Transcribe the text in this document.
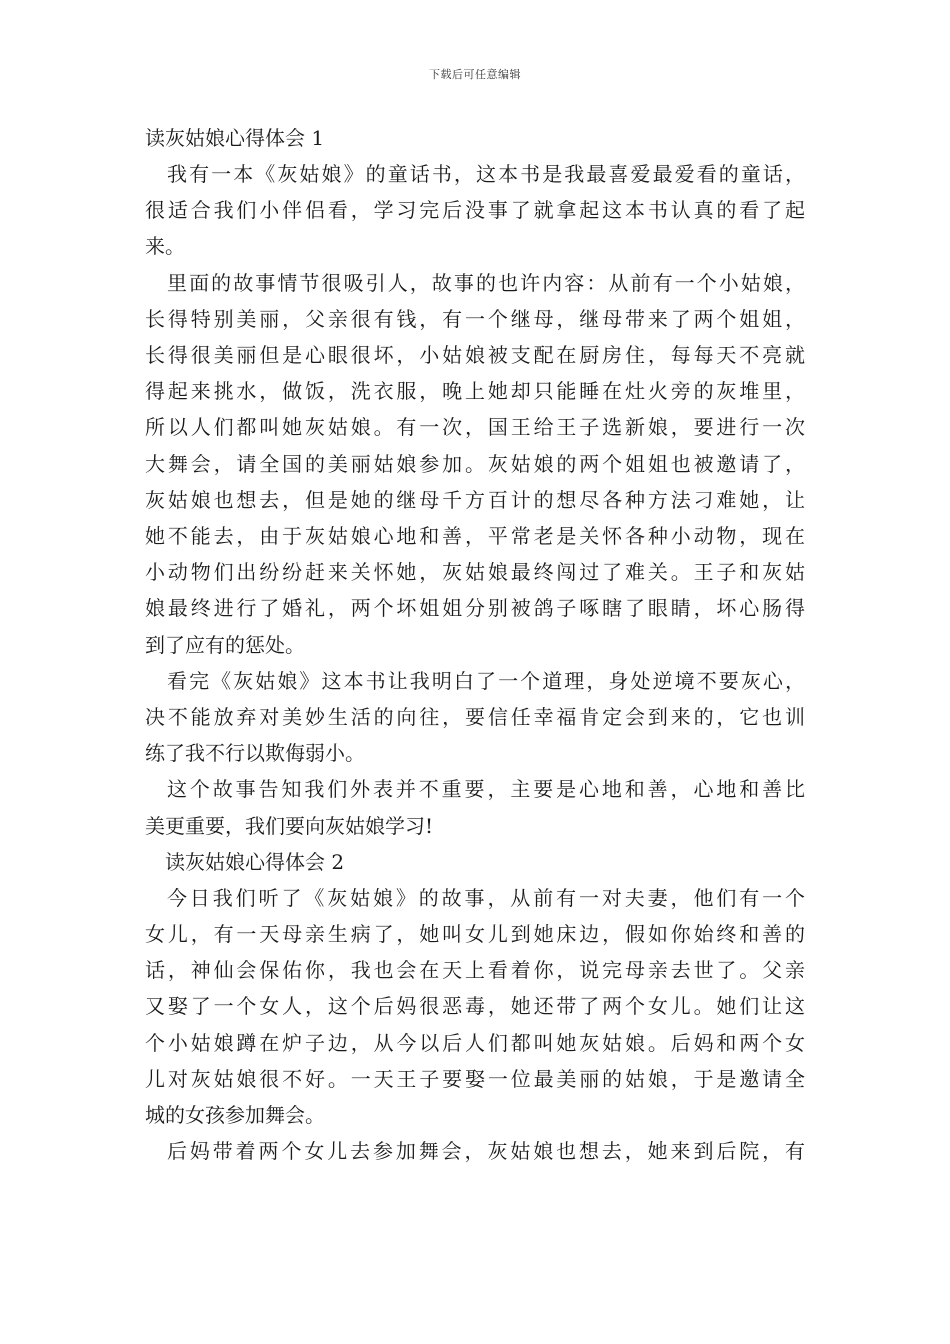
下载后可任意编辑
读灰姑娘心得体会 1

我有一本《灰姑娘》的童话书，这本书是我最喜爱最爱看的童话，
很适合我们小伴侣看，学习完后没事了就拿起这本书认真的看了起
来。

里面的故事情节很吸引人，故事的也许内容：从前有一个小姑娘，
长得特别美丽，父亲很有钱，有一个继母，继母带来了两个姐姐，
长得很美丽但是心眼很坏，小姑娘被支配在厨房住，每每天不亮就
得起来挑水，做饭，洗衣服，晚上她却只能睡在灶火旁的灰堆里，
所以人们都叫她灰姑娘。有一次，国王给王子选新娘，要进行一次
大舞会，请全国的美丽姑娘参加。灰姑娘的两个姐姐也被邀请了，
灰姑娘也想去，但是她的继母千方百计的想尽各种方法刁难她，让
她不能去，由于灰姑娘心地和善，平常老是关怀各种小动物，现在
小动物们出纷纷赶来关怀她，灰姑娘最终闯过了难关。王子和灰姑
娘最终进行了婚礼，两个坏姐姐分别被鸽子啄瞎了眼睛，坏心肠得
到了应有的惩处。

看完《灰姑娘》这本书让我明白了一个道理，身处逆境不要灰心，
决不能放弃对美妙生活的向往，要信任幸福肯定会到来的，它也训
练了我不行以欺侮弱小。

这个故事告知我们外表并不重要，主要是心地和善，心地和善比
美更重要，我们要向灰姑娘学习!

读灰姑娘心得体会 2

今日我们听了《灰姑娘》的故事，从前有一对夫妻，他们有一个
女儿，有一天母亲生病了，她叫女儿到她床边，假如你始终和善的
话，神仙会保佑你，我也会在天上看着你，说完母亲去世了。父亲
又娶了一个女人，这个后妈很恶毒，她还带了两个女儿。她们让这
个小姑娘蹲在炉子边，从今以后人们都叫她灰姑娘。后妈和两个女
儿对灰姑娘很不好。一天王子要娶一位最美丽的姑娘，于是邀请全
城的女孩参加舞会。

后妈带着两个女儿去参加舞会，灰姑娘也想去，她来到后院，有
